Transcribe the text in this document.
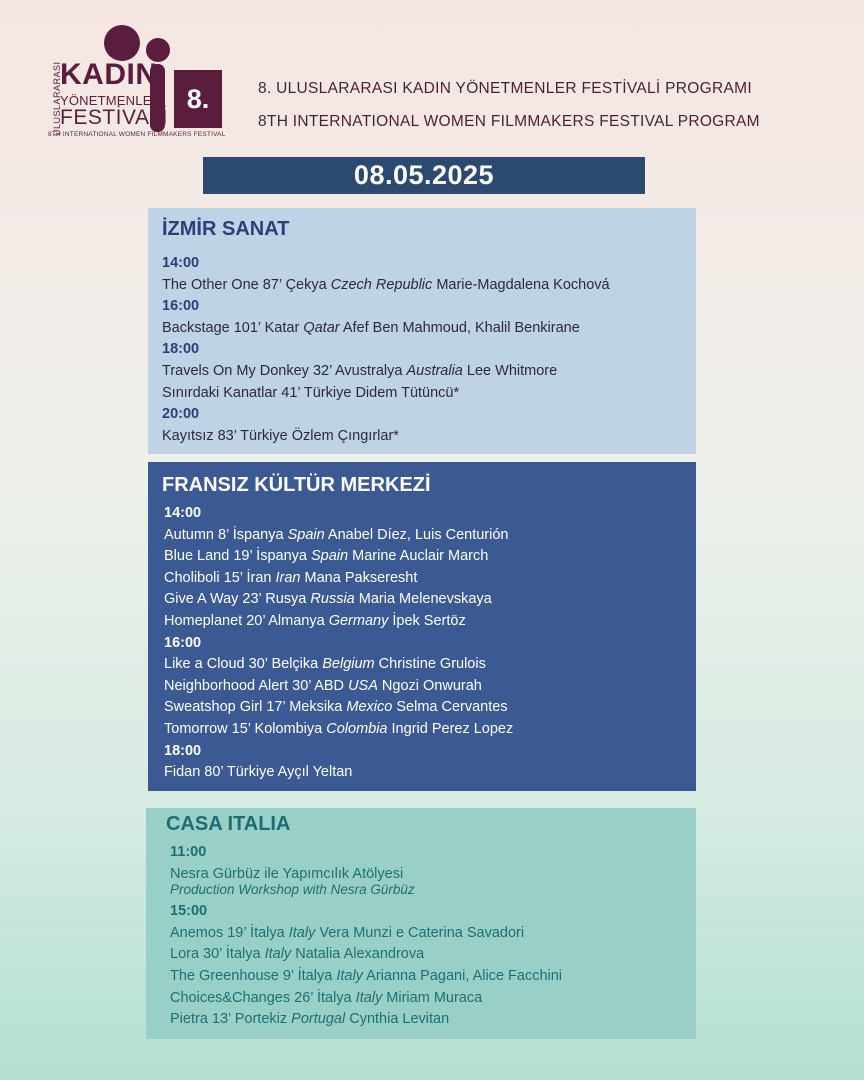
ULUSLARARASI
KADIN
YÖNETMENLER
FESTİVALİ
8.
8TH INTERNATIONAL WOMEN FILMMAKERS FESTIVAL
8. ULUSLARARASI KADIN YÖNETMENLER FESTİVALİ PROGRAMI
8TH INTERNATIONAL WOMEN FILMMAKERS FESTIVAL PROGRAM
08.05.2025
İZMİR SANAT
14:00
The Other One 87’ Çekya Czech Republic Marie-Magdalena Kochová
16:00
Backstage 101’ Katar Qatar Afef Ben Mahmoud, Khalil Benkirane
18:00
Travels On My Donkey 32’ Avustralya Australia Lee Whitmore
Sınırdaki Kanatlar 41’ Türkiye Didem Tütüncü*
20:00
Kayıtsız 83’ Türkiye Özlem Çıngırlar*
FRANSIZ KÜLTÜR MERKEZİ
14:00
Autumn 8’ İspanya Spain Anabel Díez, Luis Centurión
Blue Land 19’ İspanya Spain Marine Auclair March
Choliboli 15’ İran Iran Mana Pakseresht
Give A Way 23’ Rusya Russia Maria Melenevskaya
Homeplanet 20’ Almanya Germany İpek Sertöz
16:00
Like a Cloud 30’ Belçika Belgium Christine Grulois
Neighborhood Alert 30’ ABD USA Ngozi Onwurah
Sweatshop Girl 17’ Meksika Mexico Selma Cervantes
Tomorrow 15’ Kolombiya Colombia Ingrid Perez Lopez
18:00
Fidan 80’ Türkiye Ayçıl Yeltan
CASA ITALIA
11:00
Nesra Gürbüz ile Yapımcılık Atölyesi
Production Workshop with Nesra Gürbüz
15:00
Anemos 19’ İtalya Italy Vera Munzi e Caterina Savadori
Lora 30’ İtalya Italy Natalia Alexandrova
The Greenhouse 9’ İtalya Italy Arianna Pagani, Alice Facchini
Choices&Changes 26’ İtalya Italy Miriam Muraca
Pietra 13’ Portekiz Portugal Cynthia Levitan
